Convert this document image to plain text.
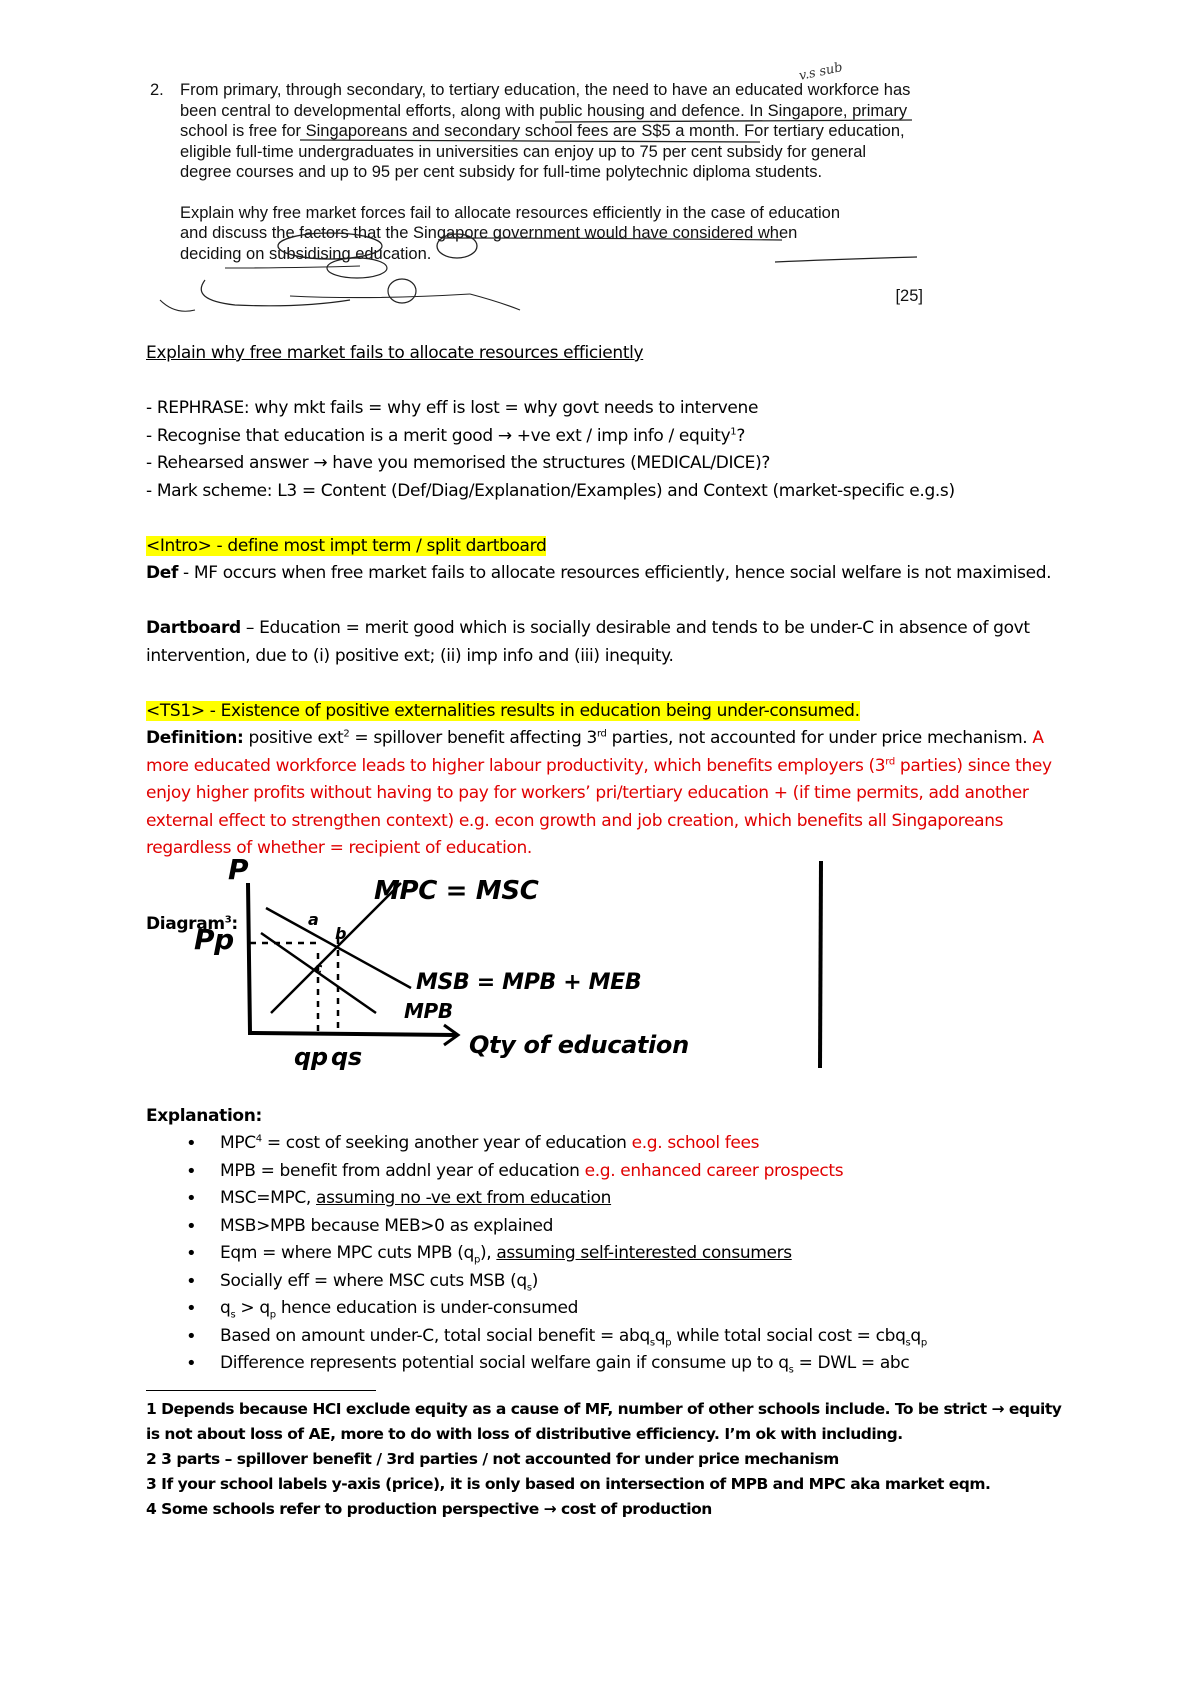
2. From primary, through secondary, to tertiary education, the need to have an educated workforce has been central to developmental efforts, along with public housing and defence. In Singapore, primary school is free for Singaporeans and secondary school fees are S$5 a month. For tertiary education, eligible full-time undergraduates in universities can enjoy up to 75 per cent subsidy for general degree courses and up to 95 per cent subsidy for full-time polytechnic diploma students.

Explain why free market forces fail to allocate resources efficiently in the case of education and discuss the factors that the Singapore government would have considered when deciding on subsidising education.

[25]
v.s sub

Explain why free market fails to allocate resources efficiently

- REPHRASE: why mkt fails = why eff is lost = why govt needs to intervene

- Recognise that education is a merit good → +ve ext / imp info / equity$^1$?

- Rehearsed answer → have you memorised the structures (MEDICAL/DICE)?

- Mark scheme: L3 = Content (Def/Diag/Explanation/Examples) and Context (market-specific e.g.s)

<Intro> - define most impt term / split dartboard

Def - MF occurs when free market fails to allocate resources efficiently, hence social welfare is not maximised.

Dartboard – Education = merit good which is socially desirable and tends to be under-C in absence of govt intervention, due to (i) positive ext; (ii) imp info and (iii) inequity.

<TS1> - Existence of positive externalities results in education being under-consumed.

Definition: positive ext$^2$ = spillover benefit affecting 3rd parties, not accounted for under price mechanism. A more educated workforce leads to higher labour productivity, which benefits employers (3rd parties) since they enjoy higher profits without having to pay for workers’ pri/tertiary education + (if time permits, add another external effect to strengthen context) e.g. econ growth and job creation, which benefits all Singaporeans regardless of whether = recipient of education.

Diagram$^3$:
P
Pp
MPC = MSC
MSB = MPB + MEB
MPB
Qty of education
qp qs
a
b
c

Explanation:

• $MPC^4 = \cos t$ of seeking another year of education e.g. school fees
• MPB = benefit from addnl year of education e.g. enhanced career prospects
• MSC=MPC, assuming no -ve ext from education
• MSB>MPB because MEB>0 as explained
• Eqm = where MPC cuts MPB $(q_p)$, assuming self-interested consumers
• Socially eff = where MSC cuts MSB $(q_s)$
• $q_s > q_p$ hence education is under-consumed
• Based on amount under-C, total social benefit = $abq_sq_p$ while total social $\cos t = cbq_sq_p$
• Difference represents potential social welfare gain if consume up to $q_s$ = DWL = abc

1 Depends because HCI exclude equity as a cause of MF, number of other schools include. To be strict → equity is not about loss of AE, more to do with loss of distributive efficiency. I’m ok with including.

2 3 parts – spillover benefit / 3rd parties / not accounted for under price mechanism

3 If your school labels y-axis (price), it is only based on intersection of MPB and MPC aka market eqm.

4 Some schools refer to production perspective → cost of production
